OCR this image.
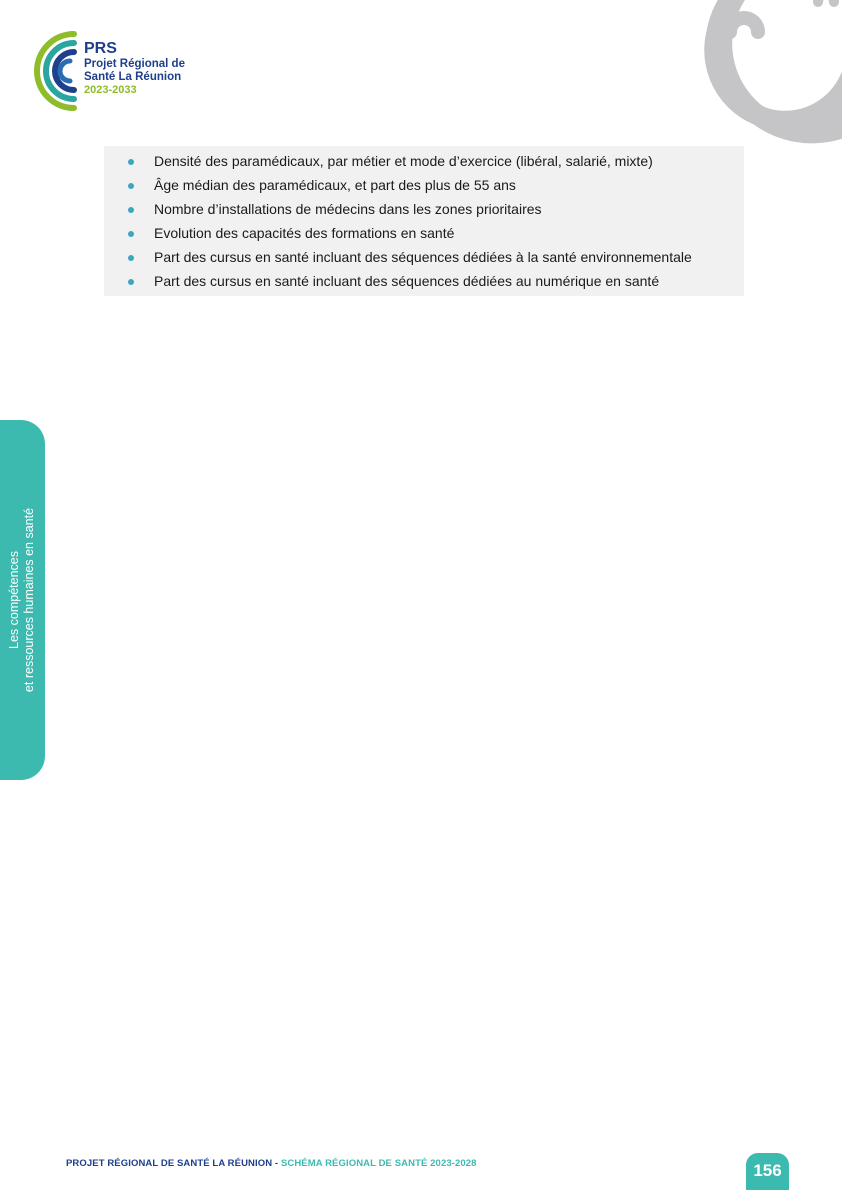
PRS
Projet Régional de
Santé La Réunion
2023-2033
Densité des paramédicaux, par métier et mode d’exercice (libéral, salarié, mixte)
Âge médian des paramédicaux, et part des plus de 55 ans
Nombre d’installations de médecins dans les zones prioritaires
Evolution des capacités des formations en santé
Part des cursus en santé incluant des séquences dédiées à la santé environnementale
Part des cursus en santé incluant des séquences dédiées au numérique en santé
Les compétences et ressources humaines en santé
PROJET RÉGIONAL DE SANTÉ LA RÉUNION - SCHÉMA RÉGIONAL DE SANTÉ 2023-2028	156
